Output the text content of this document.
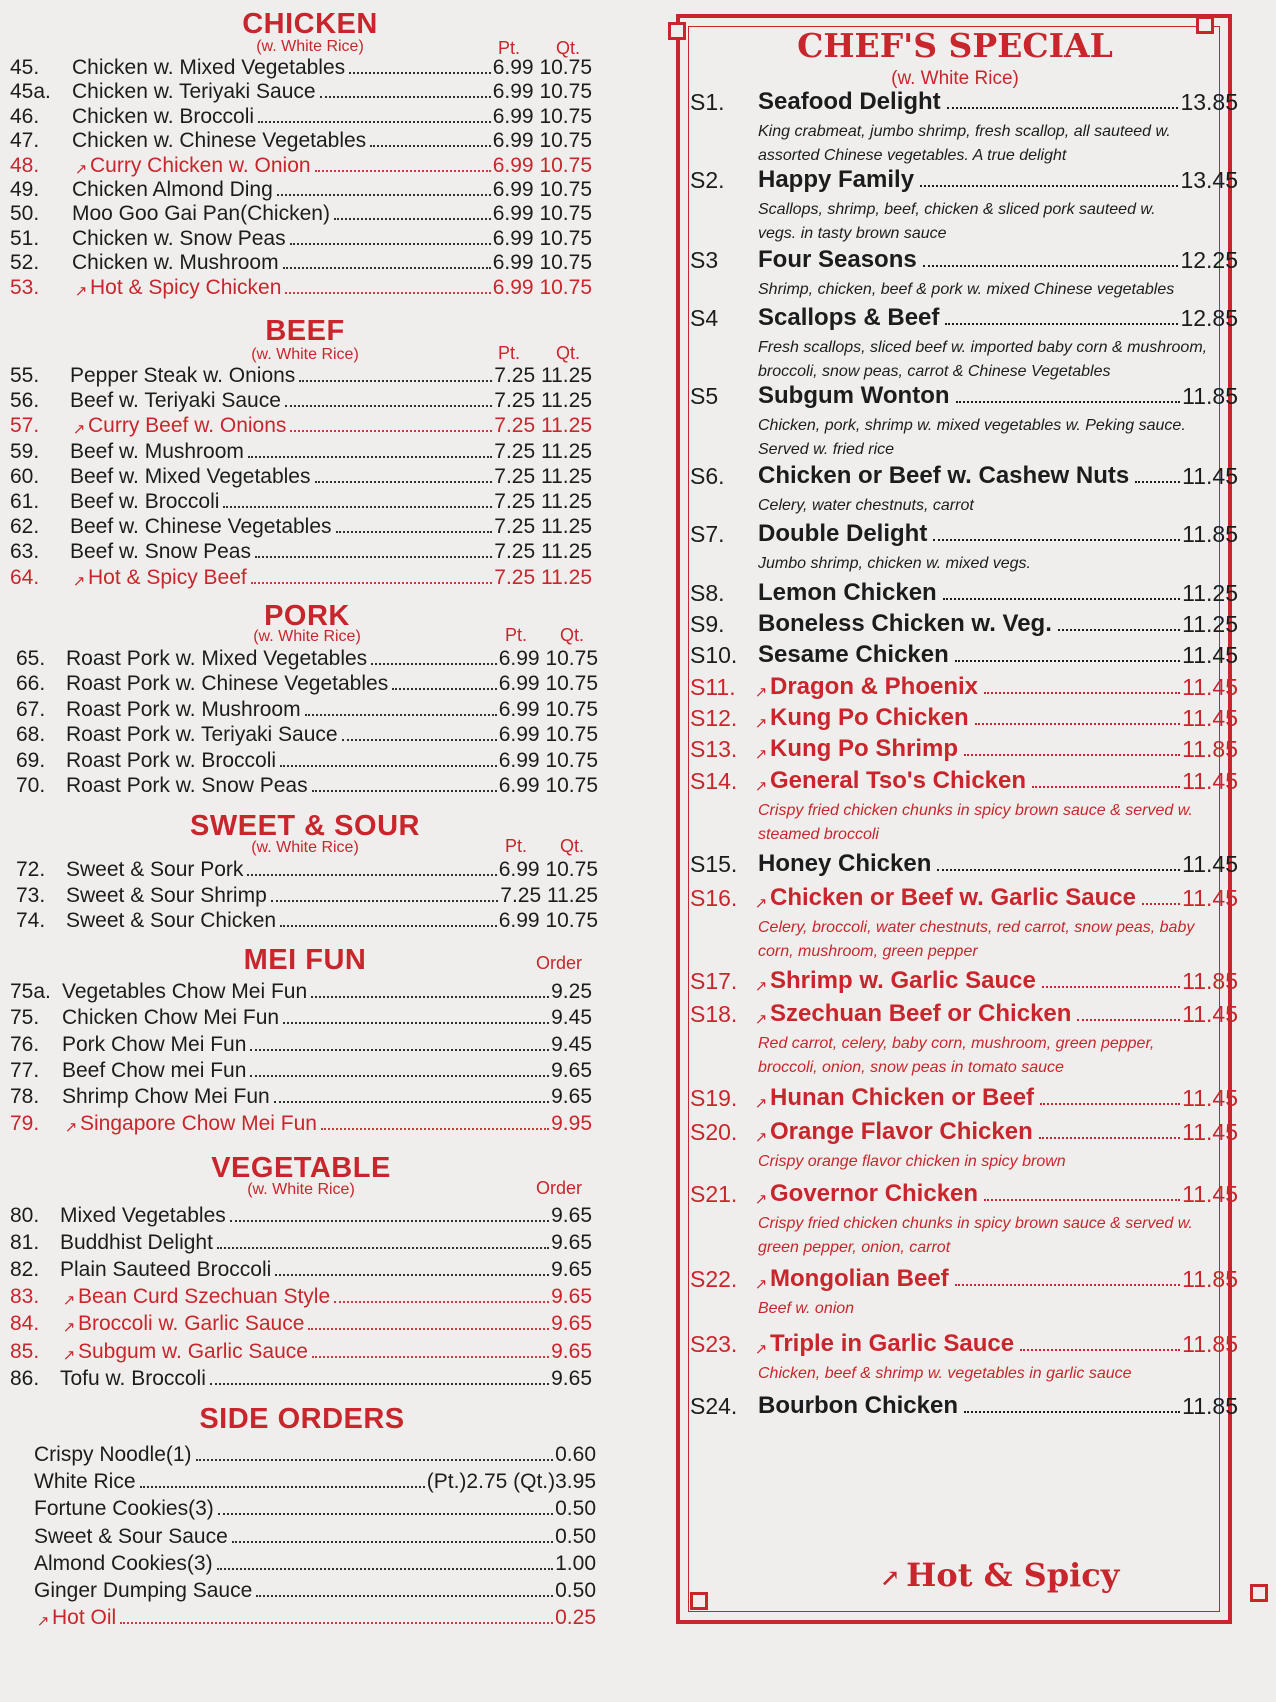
CHICKEN
(w. White Rice)	Pt. Qt.
45.	Chicken w. Mixed Vegetables	6.99 10.75
45a.	Chicken w. Teriyaki Sauce	6.99 10.75
46.	Chicken w. Broccoli	6.99 10.75
47.	Chicken w. Chinese Vegetables	6.99 10.75
48.	↗ Curry Chicken w. Onion	6.99 10.75
49.	Chicken Almond Ding	6.99 10.75
50.	Moo Goo Gai Pan(Chicken)	6.99 10.75
51.	Chicken w. Snow Peas	6.99 10.75
52.	Chicken w. Mushroom	6.99 10.75
53.	↗ Hot & Spicy Chicken	6.99 10.75
BEEF
(w. White Rice)	Pt. Qt.
55.	Pepper Steak w. Onions	7.25 11.25
56.	Beef w. Teriyaki Sauce	7.25 11.25
57.	↗ Curry Beef w. Onions	7.25 11.25
59.	Beef w. Mushroom	7.25 11.25
60.	Beef w. Mixed Vegetables	7.25 11.25
61.	Beef w. Broccoli	7.25 11.25
62.	Beef w. Chinese Vegetables	7.25 11.25
63.	Beef w. Snow Peas	7.25 11.25
64.	↗ Hot & Spicy Beef	7.25 11.25
PORK
(w. White Rice)	Pt. Qt.
65. Roast Pork w. Mixed Vegetables	6.99 10.75
66. Roast Pork w. Chinese Vegetables	6.99 10.75
67. Roast Pork w. Mushroom	6.99 10.75
68. Roast Pork w. Teriyaki Sauce	6.99 10.75
69. Roast Pork w. Broccoli	6.99 10.75
70. Roast Pork w. Snow Peas	6.99 10.75
SWEET & SOUR
(w. White Rice)	Pt. Qt.
72. Sweet & Sour Pork	6.99 10.75
73. Sweet & Sour Shrimp	7.25 11.25
74. Sweet & Sour Chicken	6.99 10.75
MEI FUN	Order
75a. Vegetables Chow Mei Fun	9.25
75.	Chicken Chow Mei Fun	9.45
76.	Pork Chow Mei Fun	9.45
77.	Beef Chow mei Fun	9.65
78.	Shrimp Chow Mei Fun	9.65
79.	↗ Singapore Chow Mei Fun	9.95
VEGETABLE
(w. White Rice)	Order
80. Mixed Vegetables	9.65
81. Buddhist Delight	9.65
82. Plain Sauteed Broccoli	9.65
83.	↗ Bean Curd Szechuan Style	9.65
84.	↗ Broccoli w. Garlic Sauce	9.65
85.	↗ Subgum w. Garlic Sauce	9.65
86. Tofu w. Broccoli	9.65
SIDE ORDERS
Crispy Noodle(1)	0.60
White Rice	(Pt.)2.75 (Qt.)3.95
Fortune Cookies(3)	0.50
Sweet & Sour Sauce	0.50
Almond Cookies(3)	1.00
Ginger Dumping Sauce	0.50
↗ Hot Oil	0.25
CHEF'S SPECIAL
(w. White Rice)
S1.	Seafood Delight	13.85
King crabmeat, jumbo shrimp, fresh scallop, all sauteed w.
assorted Chinese vegetables. A true delight
S2.	Happy Family	13.45
Scallops, shrimp, beef, chicken & sliced pork sauteed w.
vegs. in tasty brown sauce
S3	Four Seasons	12.25
Shrimp, chicken, beef & pork w. mixed Chinese vegetables
S4	Scallops & Beef	12.85
Fresh scallops, sliced beef w. imported baby corn & mushroom,
broccoli, snow peas, carrot & Chinese Vegetables
S5	Subgum Wonton	11.85
Chicken, pork, shrimp w. mixed vegetables w. Peking sauce.
Served w. fried rice
S6.	Chicken or Beef w. Cashew Nuts 11.45
Celery, water chestnuts, carrot
S7.	Double Delight	11.85
Jumbo shrimp, chicken w. mixed vegs.
S8.	Lemon Chicken	11.25
S9.	Boneless Chicken w. Veg.	11.25
S10. Sesame Chicken	11.45
S11.	↗ Dragon & Phoenix	11.45
S12.	↗ Kung Po Chicken	11.45
S13.	↗ Kung Po Shrimp	11.85
S14.	↗ General Tso's Chicken	11.45
Crispy fried chicken chunks in spicy brown sauce & served w.
steamed broccoli
S15. Honey Chicken	11.45
S16.	↗ Chicken or Beef w. Garlic Sauce 11.45
Celery, broccoli, water chestnuts, red carrot, snow peas, baby
corn, mushroom, green pepper
S17.	↗ Shrimp w. Garlic Sauce	11.85
S18.	↗ Szechuan Beef or Chicken	11.45
Red carrot, celery, baby corn, mushroom, green pepper,
broccoli, onion, snow peas in tomato sauce
S19.	↗ Hunan Chicken or Beef	11.45
S20.	↗ Orange Flavor Chicken	11.45
Crispy orange flavor chicken in spicy brown
S21.	↗ Governor Chicken	11.45
Crispy fried chicken chunks in spicy brown sauce & served w.
green pepper, onion, carrot
S22.	↗ Mongolian Beef	11.85
Beef w. onion
S23.	↗ Triple in Garlic Sauce	11.85
Chicken, beef & shrimp w. vegetables in garlic sauce
S24. Bourbon Chicken	11.85
↗︎ Hot & Spicy
